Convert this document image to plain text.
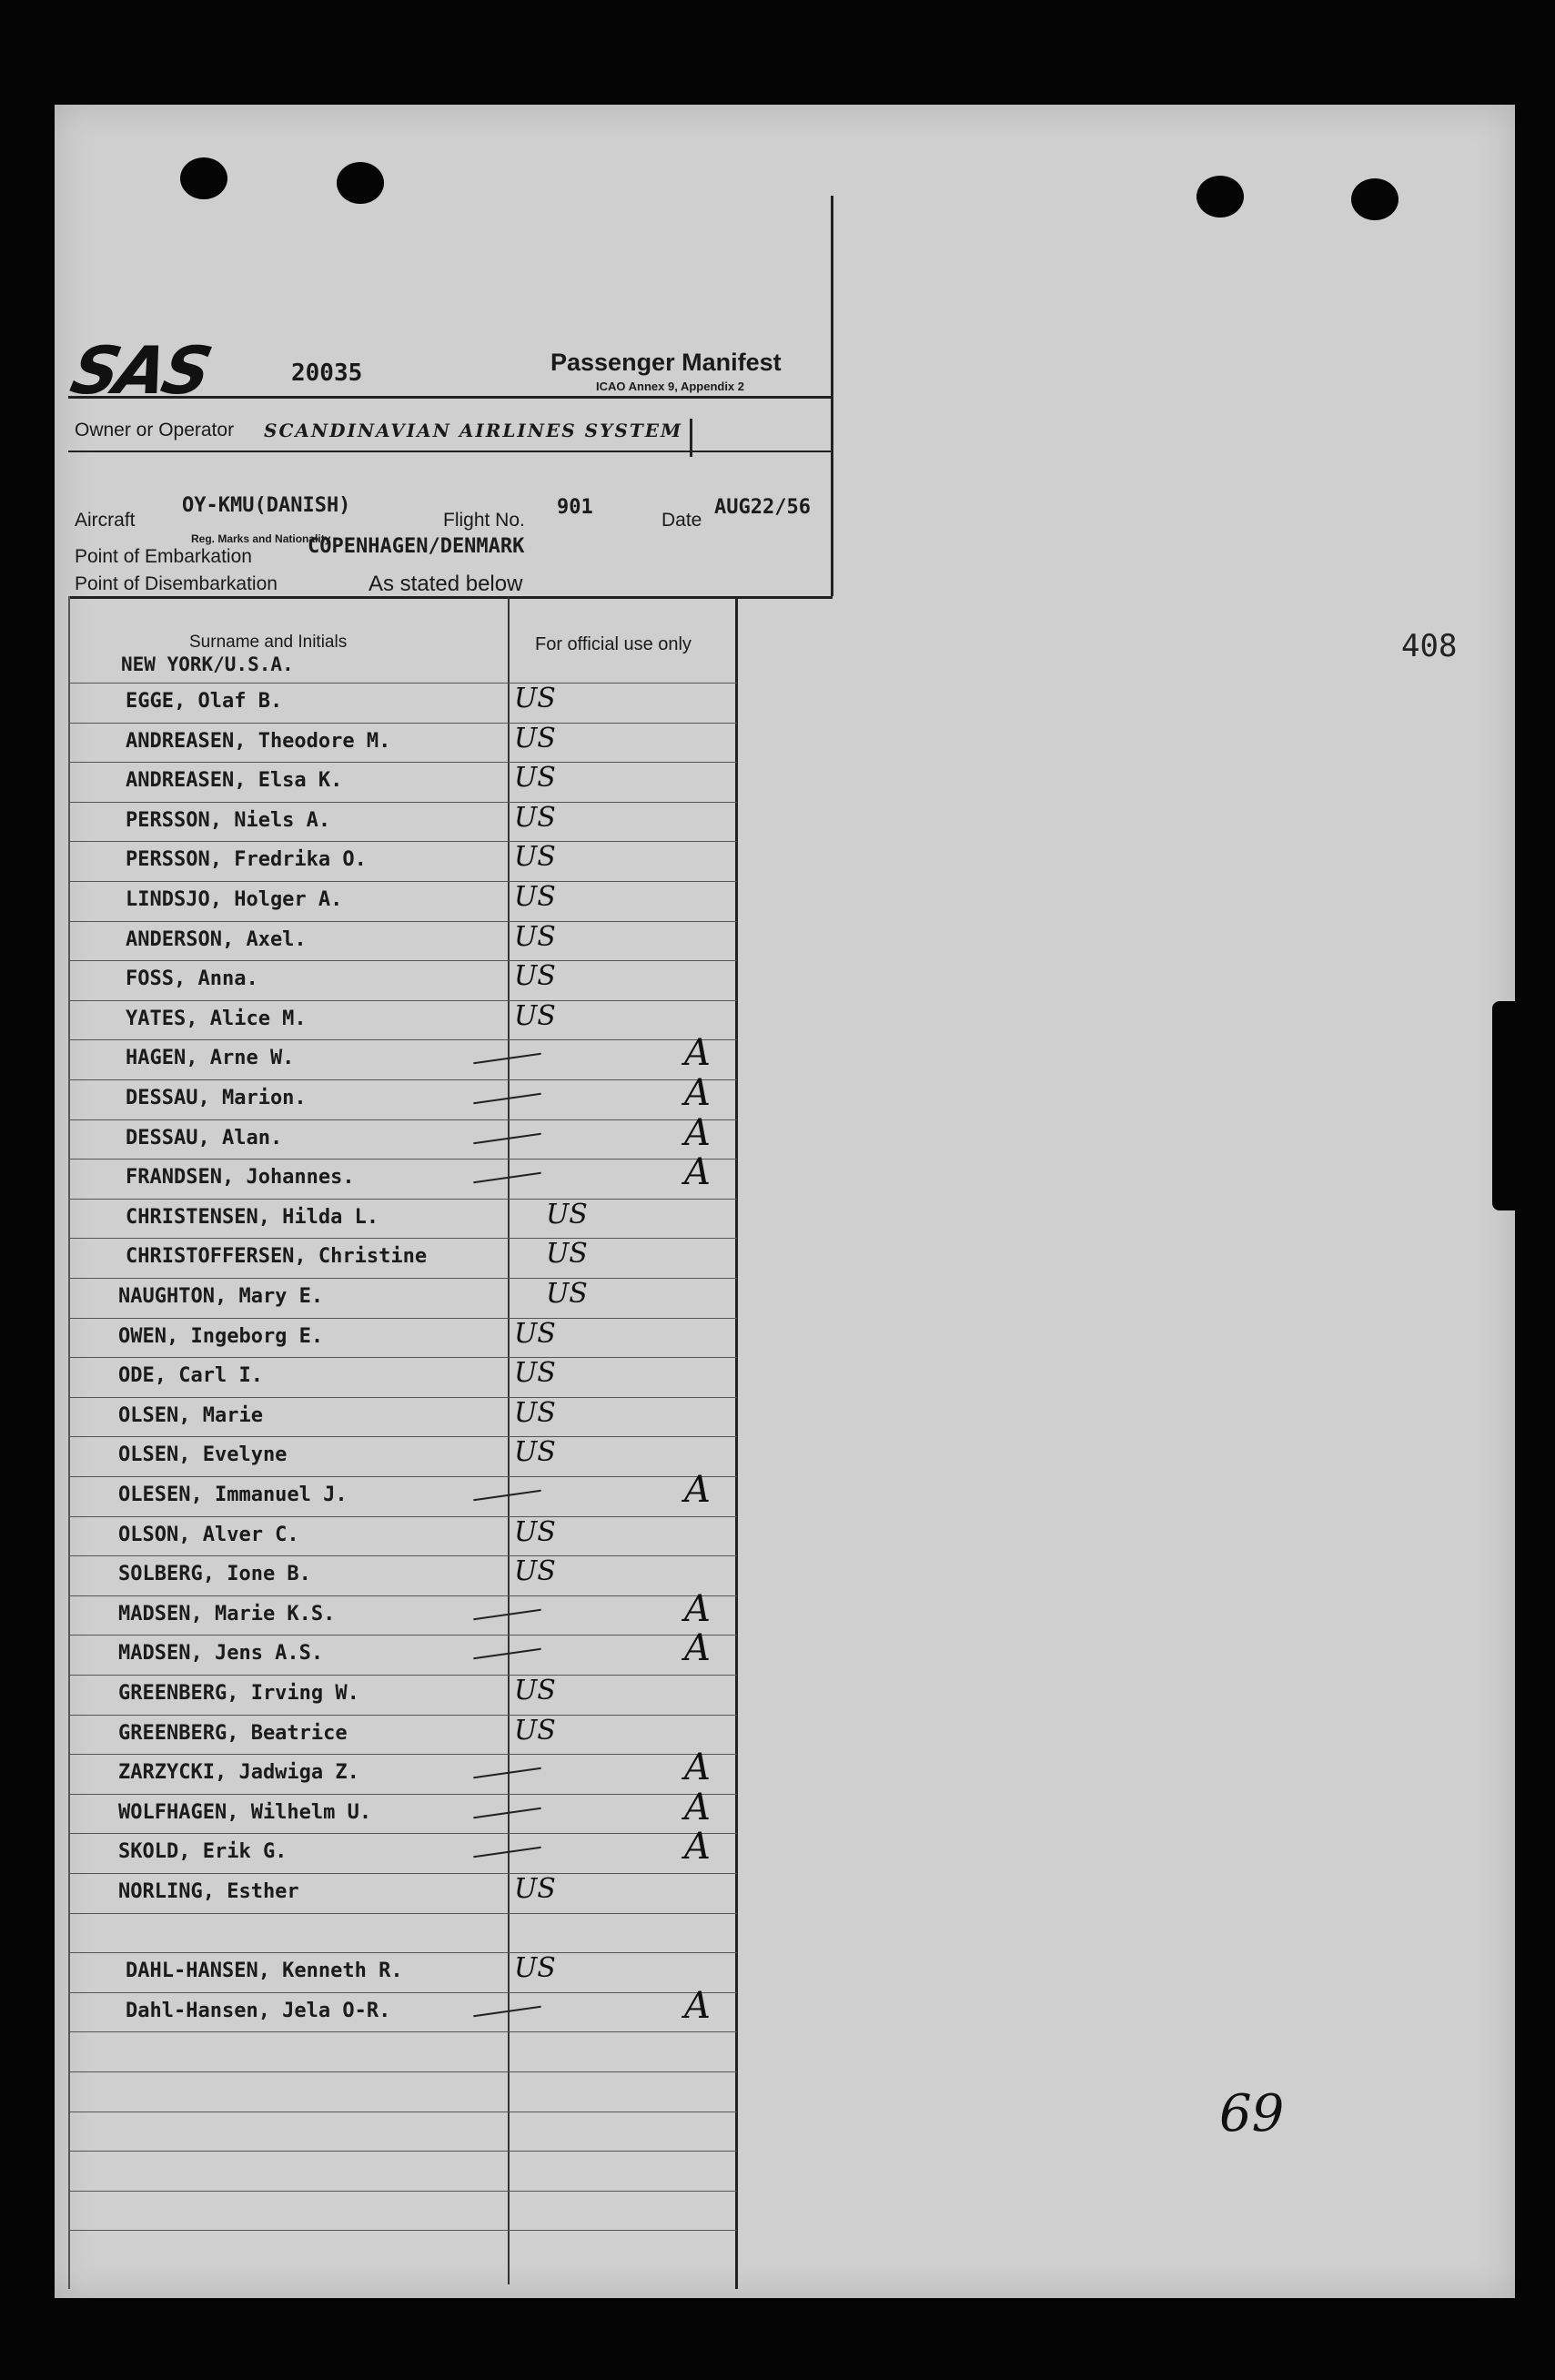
SAS	20035	Passenger Manifest
ICAO Annex 9, Appendix 2
Owner or Operator SCANDINAVIAN AIRLINES SYSTEM
Aircraft
OY-KMU(DANISH)
Reg. Marks and Nationality
Flight No.
901
Date
AUG22/56
Point of Embarkation	COPENHAGEN/DENMARK
Point of Disembarkation	As stated below
Surname and Initials	For official use only
NEW YORK/U.S.A.
EGGE, Olaf B.	US
ANDREASEN, Theodore M.	US
ANDREASEN, Elsa K.	US
PERSSON, Niels A.	US
PERSSON, Fredrika O.	US
LINDSJO, Holger A.	US
ANDERSON, Axel.	US
FOSS, Anna.	US
YATES, Alice M.	US
HAGEN, Arne W.	A
DESSAU, Marion.	A
DESSAU, Alan.	A
FRANDSEN, Johannes.	A
CHRISTENSEN, Hilda L.	US
CHRISTOFFERSEN, Christine	US
NAUGHTON, Mary E.	US
OWEN, Ingeborg E.	US
ODE, Carl I.	US
OLSEN, Marie	US
OLSEN, Evelyne	US
OLESEN, Immanuel J.	A
OLSON, Alver C.	US
SOLBERG, Ione B.	US
MADSEN, Marie K.S.	A
MADSEN, Jens A.S.	A
GREENBERG, Irving W.	US
GREENBERG, Beatrice	US
ZARZYCKI, Jadwiga Z.	A
WOLFHAGEN, Wilhelm U.	A
SKOLD, Erik G.	A
NORLING, Esther	US
DAHL-HANSEN, Kenneth R.	US
Dahl-Hansen, Jela O-R.	A
408
69
